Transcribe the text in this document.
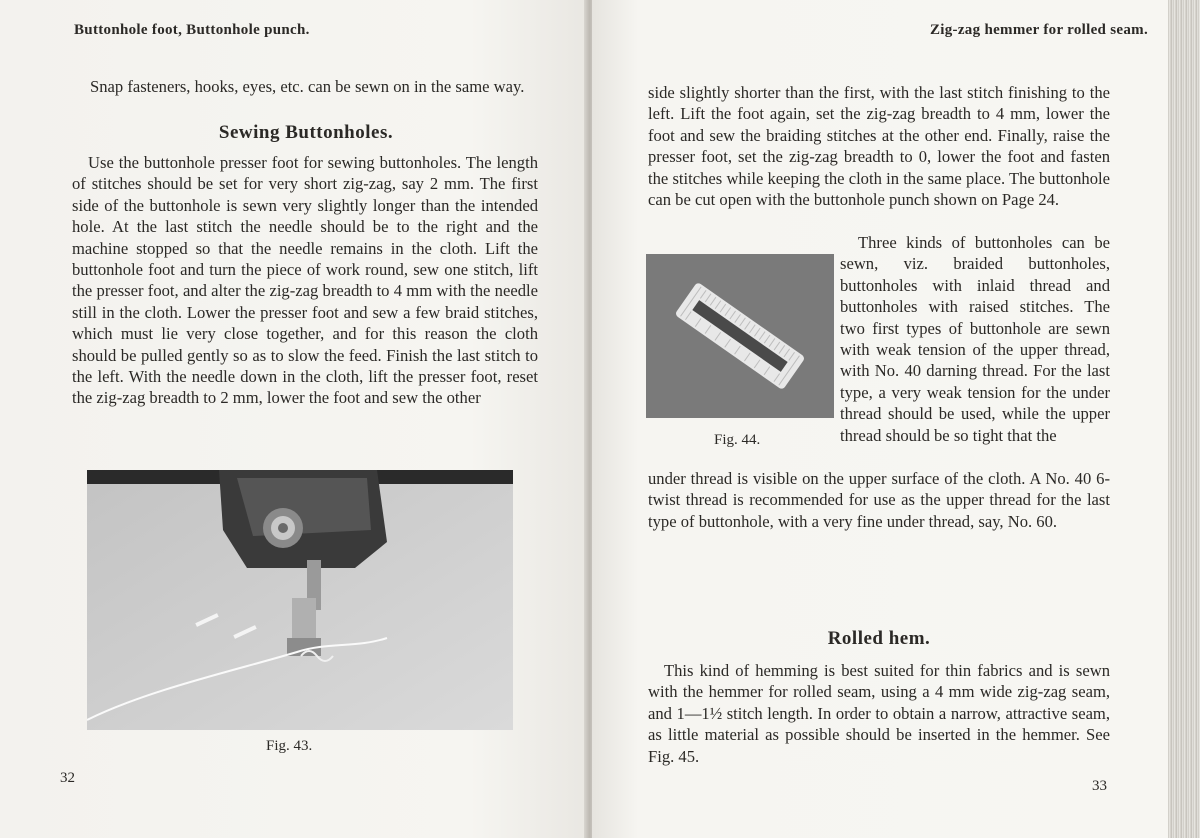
Buttonhole foot, Buttonhole punch.

Snap fasteners, hooks, eyes, etc. can be sewn on in the same way.

Sewing Buttonholes.

Use the buttonhole presser foot for sewing buttonholes. The length of stitches should be set for very short zig-zag, say 2 mm. The first side of the buttonhole is sewn very slightly longer than the intended hole. At the last stitch the needle should be to the right and the machine stopped so that the needle remains in the cloth. Lift the buttonhole foot and turn the piece of work round, sew one stitch, lift the presser foot, and alter the zig-zag breadth to 4 mm with the needle still in the cloth. Lower the presser foot and sew a few braid stitches, which must lie very close together, and for this reason the cloth should be pulled gently so as to slow the feed. Finish the last stitch to the left. With the needle down in the cloth, lift the presser foot, reset the zig-zag breadth to 2 mm, lower the foot and sew the other

Fig. 43.

32

Zig-zag hemmer for rolled seam.

side slightly shorter than the first, with the last stitch finishing to the left. Lift the foot again, set the zig-zag breadth to 4 mm, lower the foot and sew the braiding stitches at the other end. Finally, raise the presser foot, set the zig-zag breadth to 0, lower the foot and fasten the stitches while keeping the cloth in the same place. The buttonhole can be cut open with the buttonhole punch shown on Page 24.

Three kinds of buttonholes can be sewn, viz. braided buttonholes, buttonholes with inlaid thread and buttonholes with raised stitches. The two first types of buttonhole are sewn with weak tension of the upper thread, with No. 40 darning thread. For the last type, a very weak tension for the under thread should be used, while the upper thread should be so tight that the

under thread is visible on the upper surface of the cloth. A No. 40 6-twist thread is recommended for use as the upper thread for the last type of buttonhole, with a very fine under thread, say, No. 60.

Rolled hem.

This kind of hemming is best suited for thin fabrics and is sewn with the hemmer for rolled seam, using a 4 mm wide zig-zag seam, and 1—1½ stitch length. In order to obtain a narrow, attractive seam, as little material as possible should be inserted in the hemmer. See Fig. 45.

33

Fig. 44.
